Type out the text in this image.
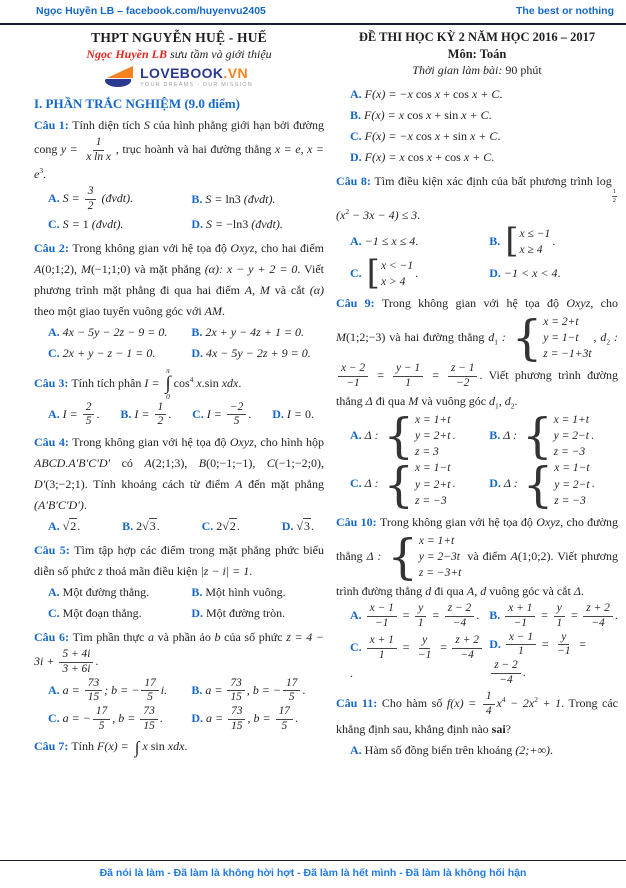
Ngọc Huyền LB – facebook.com/huyenvu2405	The best or nothing
THPT NGUYỄN HUỆ - HUẾ
Ngọc Huyền LB sưu tầm và giới thiệu
LOVEBOOK.VN
YOUR DREAMS - OUR MISSION
I. PHẦN TRẮC NGHIỆM (9.0 điểm)
Câu 1: Tính diện tích S của hình phẳng giới hạn bởi đường cong $y = \frac{1}{\text{x ln x}}$ , trục hoành và hai đường thẳng x = e, $x = e^3$.
A. $S = \frac{3}{2}$ (đvdt).	B. S = ln3 (đvdt).
C. S = 1 (đvdt).	D. S = −ln3 (đvdt).
Câu 2: Trong không gian với hệ tọa độ Oxyz, cho hai điểm A(0;1;2), M(−1;1;0) và mặt phẳng (α): x − y + 2 = 0. Viết phương trình mặt phẳng đi qua hai điểm A, M và cắt (α) theo một giao tuyến vuông góc với AM.
A. 4x − 5y − 2z − 9 = 0.	B. 2x + y − 4z + 1 = 0.
C. 2x + y − z − 1 = 0.	D. 4x − 5y − 2z + 9 = 0.
Câu 3: Tính tích phân I =
π
∫
0
$\cos^4 x.\sin$ xdx.
A. $I = \frac{2}{5}$ . B. $I = \frac{1}{2}$ . C. $I = \frac{-2}{5}$ . D. I = 0.
Câu 4: Trong không gian với hệ tọa độ Oxyz, cho hình hộp ABCD.A′B′C′D′ có A(2;1;3), B(0;−1;−1), C(−1;−2;0), D′(3;−2;1). Tính khoảng cách từ điểm A đến mặt phẳng (A′B′C′D′).
A. √2.	B. 2√3.	C. 2√2.	D. √3.
Câu 5: Tìm tập hợp các điểm trong mặt phẳng phức biểu diễn số phức z thoả mãn điều kiện |z − i| = 1.
A. Một đường thẳng.	B. Một hình vuông.
C. Một đoạn thẳng.	D. Một đường tròn.
Câu 6: Tìm phần thực a và phần ảo b của số phức $z = 4 - 3i + \frac{5 + 4i}{3 + 6i}$ .
A. $a = \frac{73}{15}$ ; b = − $\frac{17}{5} i$.	B. $a = \frac{73}{15}$ , b = − $\frac{17}{5}$ .
C. a = − $\frac{17}{5}$ , $b = \frac{73}{15}$ .	D. $a = \frac{73}{15}$ , $b = \frac{17}{5}$ .
Câu 7: Tính F(x) = ∫ x sin xdx.
ĐỀ THI HỌC KỲ 2 NĂM HỌC 2016 – 2017
Môn: Toán
Thời gian làm bài: 90 phút
A. F(x) = −x cos x + cos x + C.
B. F(x) = x cos x + sin x + C.
C. F(x) = −x cos x + sin x + C.
D. F(x) = x cos x + cos x + C.
Câu 8: Tìm điều kiện xác định của bất phương trình log
$\frac{1}{2}$
$(x^2 - 3x - 4) \le 3$.
A. −1 ≤ x ≤ 4.	B. [ x ≤ −1
x ≥ 4
.
C. [ x < −1
x > 4
.	D. −1 < x < 4.
Câu 9: Trong không gian với hệ tọa độ Oxyz, cho M(1;2;−3) và hai đường thẳng $d_1$ : { x = 2+t
y = 1−t
z = −1+3t
, $d_2$ :
$\frac{x - 2}{-1} = \frac{y - 1}{1} = \frac{z - 1}{-2}$ . Viết phương trình đường thẳng Δ đi qua M và vuông góc $d_1$, $d_2$.
A. Δ : { x = 1+t
y = 2+t
z = 3
.	B. Δ : { x = 1+t
y = 2−t
z = −3
.
C. Δ : { x = 1−t
y = 2+t
z = −3
.	D. Δ : { x = 1−t
y = 2−t
z = −3
.
Câu 10: Trong không gian với hệ tọa độ Oxyz, cho đường thẳng Δ : { x = 1+t
y = 2−3t
z = −3+t
và điểm A(1;0;2). Viết phương trình đường thẳng d đi qua A, d vuông góc và cắt Δ.
A. $\frac{x - 1}{-1} = \frac{y}{1} = \frac{z - 2}{-4}$ . B. $\frac{x + 1}{-1} = \frac{y}{1} = \frac{z + 2}{-4}$ .
C. $\frac{x + 1}{1} = \frac{y}{-1} = \frac{z + 2}{-4}$
.
D. $\frac{x - 1}{1} = \frac{y}{-1}$ =
$\frac{z - 2}{-4}$ .
Câu 11: Cho hàm số $f(x) = \frac{1}{4} x^4 - 2x^2 + 1$. Trong các khẳng định sau, khẳng định nào sai?
A. Hàm số đồng biến trên khoảng (2;+∞).
Đã nói là làm - Đã làm là không hời hợt - Đã làm là hết mình - Đã làm là không hối hận
